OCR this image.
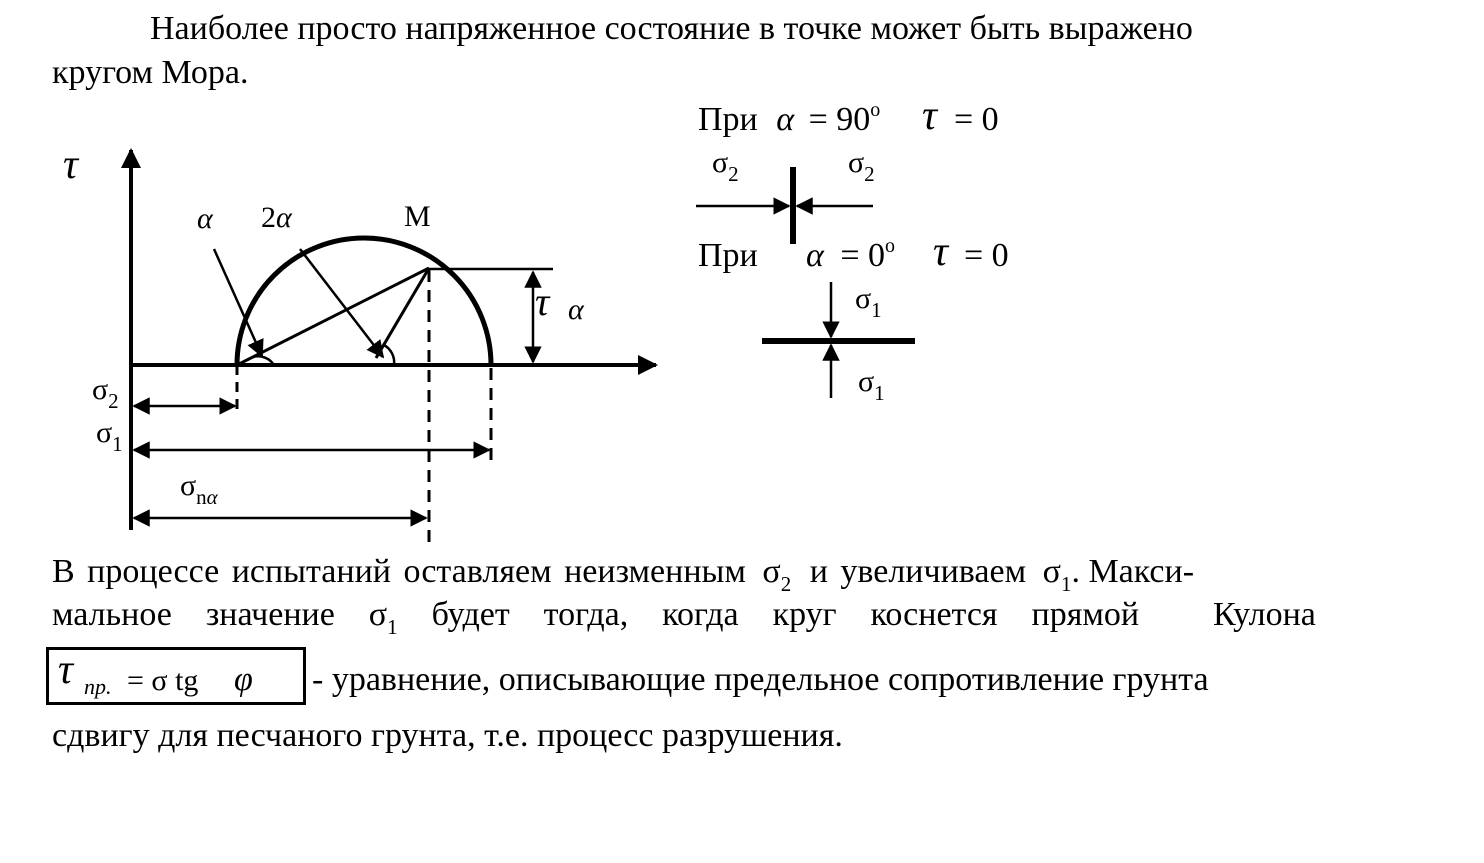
Наиболее просто напряженное состояние в точке может быть выражено
кругом Мора.
τ
α 2α	M
τ α
$\sigma_2$
$\sigma_1$
$\sigma_{n\alpha}$
При $\alpha = 90^o$ τ = 0
$\sigma_2$	$\sigma_2$
При $\alpha = 0^o$ τ = 0
$\sigma_1$
$\sigma_1$
В процессе испытаний оставляем неизменным $\sigma_2$ и увеличиваем $\sigma_1$. Макси-
мальное значение $\sigma_1$ будет тогда, когда круг коснется прямой Кулона
τ пр. = σ tg φ - уравнение, описывающие предельное сопротивление грунта
сдвигу для песчаного грунта, т.е. процесс разрушения.
